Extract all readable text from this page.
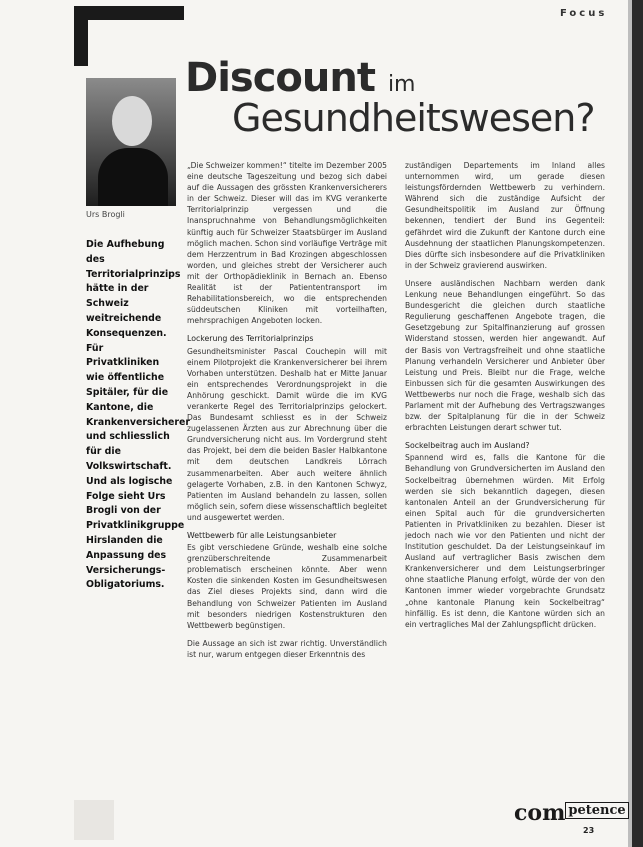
Focus
Discount im
Gesundheitswesen?
Urs Brogli
Die Aufhebung des Territorialprinzips hätte in der Schweiz weitreichende Konsequenzen. Für Privatkliniken wie öffentliche Spitäler, für die Kantone, die Krankenversicherer und schliesslich für die Volkswirtschaft. Und als logische Folge sieht Urs Brogli von der Privatklinikgruppe Hirslanden die Anpassung des Versicherungs-Obligatoriums.

„Die Schweizer kommen!“ titelte im Dezember 2005 eine deutsche Tageszeitung und bezog sich dabei auf die Aussagen des grössten Krankenversicherers in der Schweiz. Dieser will das im KVG verankerte Territorialprinzip vergessen und die Inanspruchnahme von Behandlungsmöglichkeiten künftig auch für Schweizer Staatsbürger im Ausland möglich machen. Schon sind vorläufige Verträge mit dem Herzzentrum in Bad Krozingen abgeschlossen worden, und gleiches strebt der Versicherer auch mit der Orthopädieklinik in Bernach an. Ebenso Realität ist der Patiententransport im Rehabilitationsbereich, wo die entsprechenden süddeutschen Kliniken mit vorteilhaften, mehrsprachigen Angeboten locken.

Lockerung des Territorialprinzips

Gesundheitsminister Pascal Couchepin will mit einem Pilotprojekt die Krankenversicherer bei ihrem Vorhaben unterstützen. Deshalb hat er Mitte Januar ein entsprechendes Verordnungsprojekt in die Anhörung geschickt. Damit würde die im KVG verankerte Regel des Territorialprinzips gelockert. Das Bundesamt schliesst es in der Schweiz zugelassenen Ärzten aus zur Abrechnung über die Grundversicherung nicht aus. Im Vordergrund steht das Projekt, bei dem die beiden Basler Halbkantone mit dem deutschen Landkreis Lörrach zusammenarbeiten. Aber auch weitere ähnlich gelagerte Vorhaben, z.B. in den Kantonen Schwyz, Patienten im Ausland behandeln zu lassen, sollen möglich sein, sofern diese wissenschaftlich begleitet und ausgewertet werden.

Wettbewerb für alle Leistungsanbieter

Es gibt verschiedene Gründe, weshalb eine solche grenzüberschreitende Zusammenarbeit problematisch erscheinen könnte. Aber wenn Kosten die sinkenden Kosten im Gesundheitswesen das Ziel dieses Projekts sind, dann wird die Behandlung von Schweizer Patienten im Ausland mit besonders niedrigen Kostenstrukturen den Wettbewerb begünstigen.

Die Aussage an sich ist zwar richtig. Unverständlich ist nur, warum entgegen dieser Erkenntnis des

zuständigen Departements im Inland alles unternommen wird, um gerade diesen leistungsfördernden Wettbewerb zu verhindern. Während sich die zuständige Aufsicht der Gesundheitspolitik im Ausland zur Öffnung bekennen, tendiert der Bund ins Gegenteil: gefährdet wird die Zukunft der Kantone durch eine Ausdehnung der staatlichen Planungskompetenzen. Dies dürfte sich insbesondere auf die Privatkliniken in der Schweiz gravierend auswirken.

Unsere ausländischen Nachbarn werden dank Lenkung neue Behandlungen eingeführt. So das Bundesgericht die gleichen durch staatliche Regulierung geschaffenen Angebote tragen, die Gesetzgebung zur Spitalfinanzierung auf grossen Widerstand stossen, werden hier angewandt. Auf der Basis von Vertragsfreiheit und ohne staatliche Planung verhandeln Versicherer und Anbieter über Leistung und Preis. Bleibt nur die Frage, welche Einbussen sich für die gesamten Auswirkungen des Wettbewerbs nur noch die Frage, weshalb sich das Parlament mit der Aufhebung des Vertragszwanges bzw. der Spitalplanung für die in der Schweiz erbrachten Leistungen derart schwer tut.

Sockelbeitrag auch im Ausland?

Spannend wird es, falls die Kantone für die Behandlung von Grundversicherten im Ausland den Sockelbeitrag übernehmen würden. Mit Erfolg werden sie sich bekanntlich dagegen, diesen kantonalen Anteil an der Grundversicherung für einen Spital auch für die grundversicherten Patienten in Privatkliniken zu bezahlen. Dieser ist jedoch nach wie vor den Patienten und nicht der Institution geschuldet. Da der Leistungseinkauf im Ausland auf vertraglicher Basis zwischen dem Krankenversicherer und dem Leistungserbringer ohne staatliche Planung erfolgt, würde der von den Kantonen immer wieder vorgebrachte Grundsatz „ohne kantonale Planung kein Sockelbeitrag“ hinfällig. Es ist denn, die Kantone würden sich an ein vertragliches Mal der Zahlungspflicht drücken.

com $^{petence}$
23
